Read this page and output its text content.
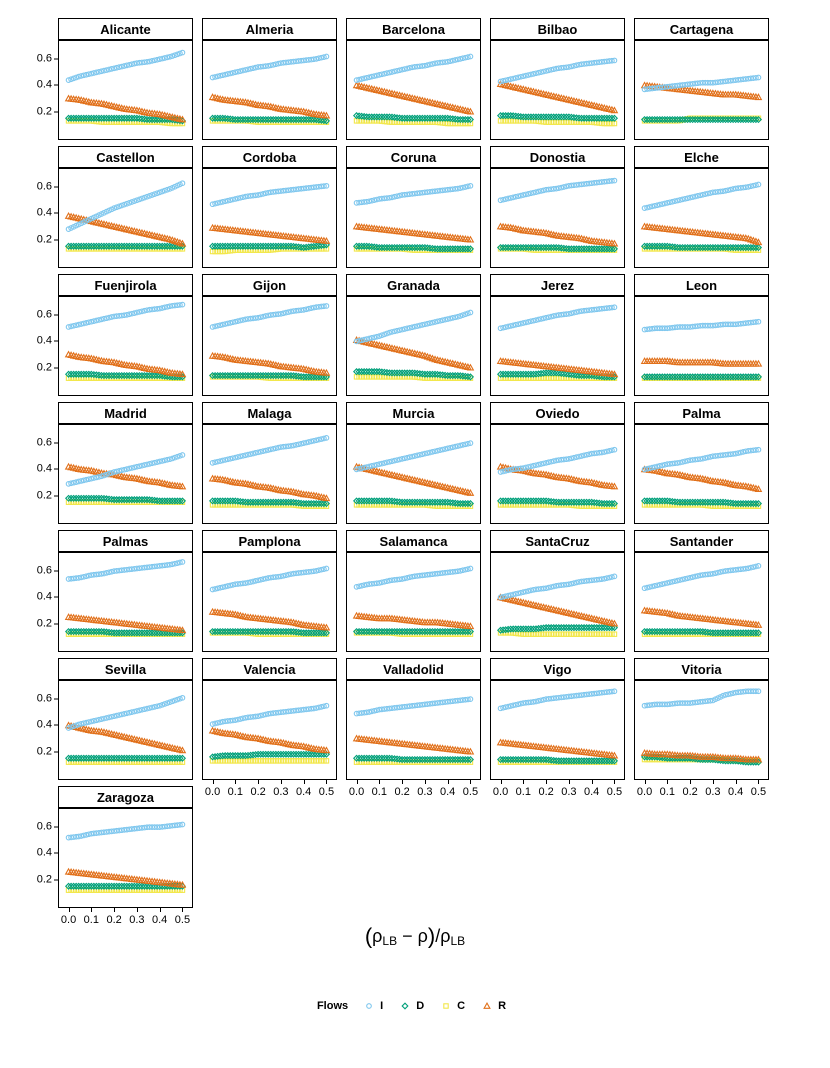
Alicante
0.2
0.4
0.6
Almeria	Barcelona	Bilbao	Cartagena
Castellon
0.2
0.4
0.6
Cordoba	Coruna	Donostia	Elche
Fuenjirola
0.2
0.4
0.6
Gijon	Granada	Jerez	Leon
Madrid
0.2
0.4
0.6
Malaga	Murcia	Oviedo	Palma
Palmas
0.2
0.4
0.6
Pamplona	Salamanca	SantaCruz	Santander
Sevilla
0.2
0.4
0.6
Valencia
0.0 0.1 0.2 0.3 0.4 0.5
Valladolid
0.0 0.1 0.2 0.3 0.4 0.5
Vigo
0.0 0.1 0.2 0.3 0.4 0.5
Vitoria
0.0 0.1 0.2 0.3 0.4 0.5
Zaragoza
0.2
0.4
0.6
0.0 0.1 0.2 0.3 0.4 0.5
$(\rho_{LB} - \rho)/\rho_{LB}$
Flows	I	D	C	R
